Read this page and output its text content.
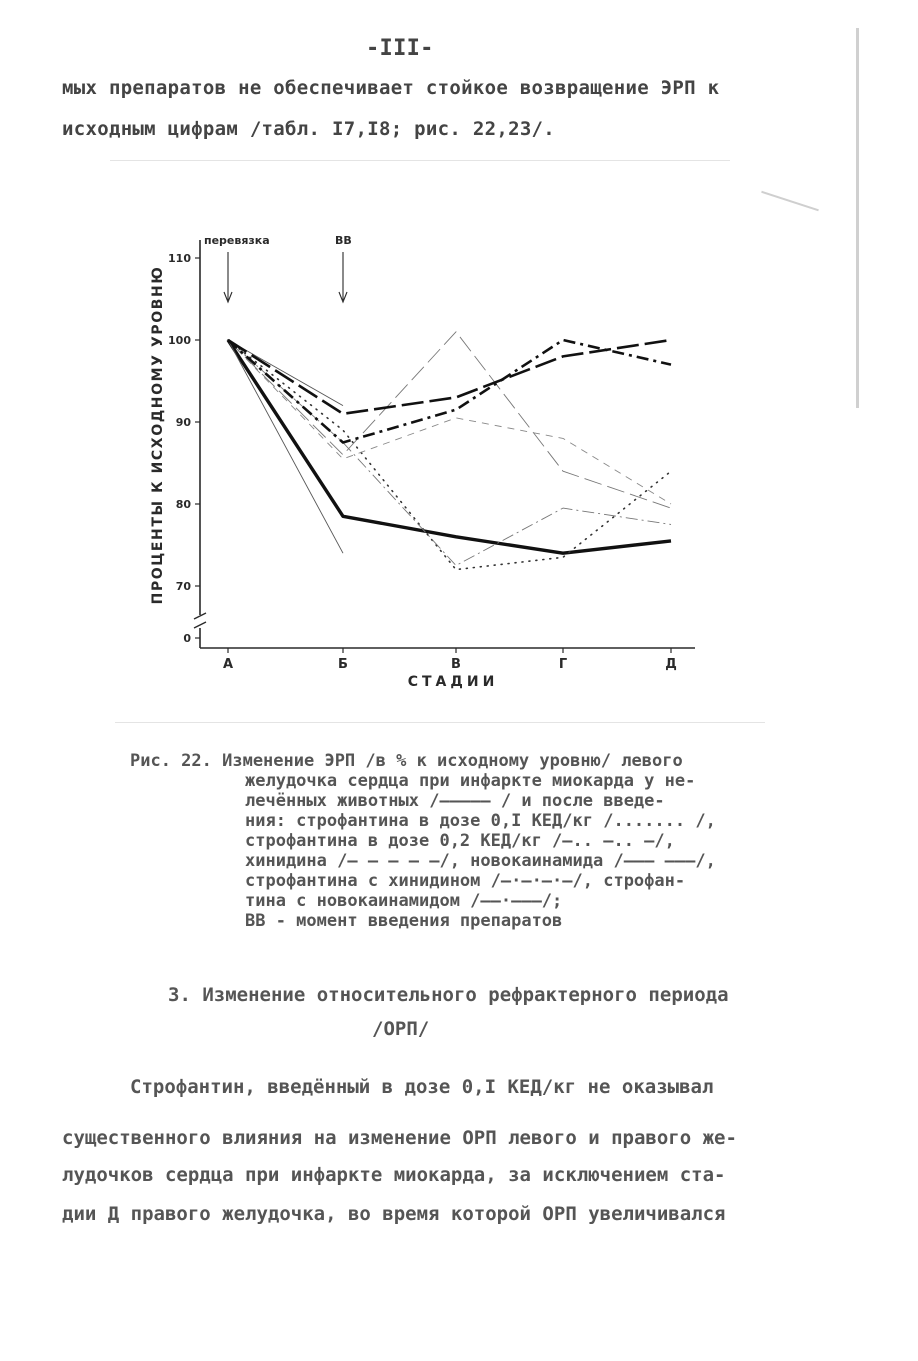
-III-
мых препаратов не обеспечивает стойкое возвращение ЭРП к
исходным цифрам /табл. I7,I8; рис. 22,23/.
110
100
90
80
70
0
А	Б	В	Г	Д
СТАДИИ
ПРОЦЕНТЫ К ИСХОДНОМУ УРОВНЮ
перевязка	ВВ
Рис. 22. Изменение ЭРП /в % к исходному уровню/ левого
желудочка сердца при инфаркте миокарда у не-
лечённых животных /————— / и после введе-
ния: строфантина в дозе 0,I КЕД/кг /....... /,
строфантина в дозе 0,2 КЕД/кг /—.. —.. —/,
хинидина /— — — — —/, новокаинамида /——— ———/,
строфантина с хинидином /—·—·—·—/, строфан-
тина с новокаинамидом /——·———/;
ВВ - момент введения препаратов
3. Изменение относительного рефрактерного периода
/ОРП/
Строфантин, введённый в дозе 0,I КЕД/кг не оказывал
существенного влияния на изменение ОРП левого и правого же-
лудочков сердца при инфаркте миокарда, за исключением ста-
дии Д правого желудочка, во время которой ОРП увеличивался
